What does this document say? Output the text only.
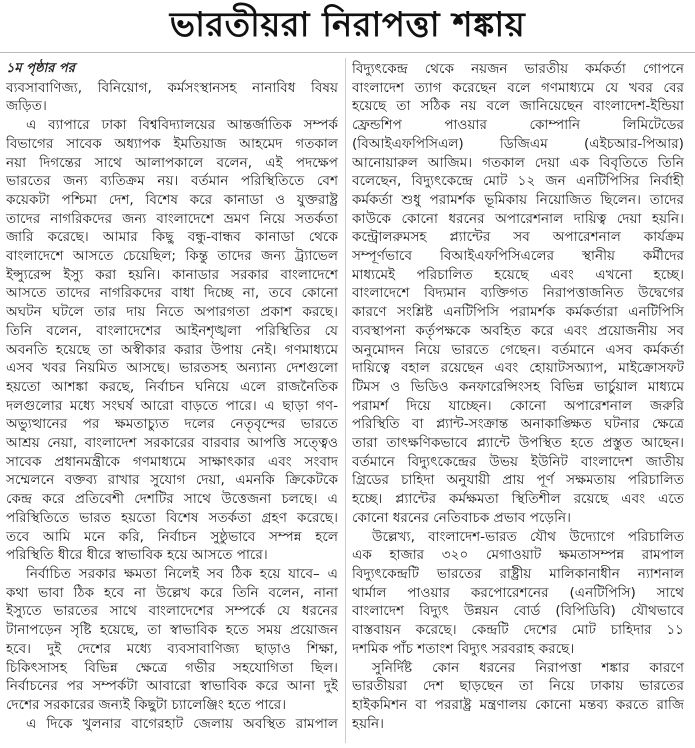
ভারতীয়রা নিরাপত্তা শঙ্কায়
১ম পৃষ্ঠার পর
ব্যবসাবাণিজ্য, বিনিয়োগ, কর্মসংস্থানসহ নানাবিধ বিষয়
জড়িত।
এ ব্যাপারে ঢাকা বিশ্ববিদ্যালয়ের আন্তর্জাতিক সম্পর্ক
বিভাগের সাবেক অধ্যাপক ইমতিয়াজ আহমেদ গতকাল
নয়া দিগন্তের সাথে আলাপকালে বলেন, এই পদক্ষেপ
ভারতের জন্য ব্যতিক্রম নয়। বর্তমান পরিস্থিতিতে বেশ
কয়েকটা পশ্চিমা দেশ, বিশেষ করে কানাডা ও যুক্তরাষ্ট্র
তাদের নাগরিকদের জন্য বাংলাদেশে ভ্রমণ নিয়ে সতর্কতা
জারি করেছে। আমার কিছু বন্ধু-বান্ধব কানাডা থেকে
বাংলাদেশে আসতে চেয়েছিল; কিন্তু তাদের জন্য ট্র্যাভেল
ইন্স্যুরেন্স ইস্যু করা হয়নি। কানাডার সরকার বাংলাদেশে
আসতে তাদের নাগরিকদের বাধা দিচ্ছে না, তবে কোনো
অঘটন ঘটলে তার দায় নিতে অপারগতা প্রকাশ করছে।
তিনি বলেন, বাংলাদেশের আইনশৃঙ্খলা পরিস্থিতির যে
অবনতি হয়েছে তা অস্বীকার করার উপায় নেই। গণমাধ্যমে
এসব খবর নিয়মিত আসছে। ভারতসহ অন্যান্য দেশগুলো
হয়তো আশঙ্কা করছে, নির্বাচন ঘনিয়ে এলে রাজনৈতিক
দলগুলোর মধ্যে সংঘর্ষ আরো বাড়তে পারে। এ ছাড়া গণ-
অভ্যুত্থানের পর ক্ষমতাচ্যুত দলের নেতৃবৃন্দের ভারতে
আশ্রয় নেয়া, বাংলাদেশ সরকারের বারবার আপত্তি সত্ত্বেও
সাবেক প্রধানমন্ত্রীকে গণমাধ্যমে সাক্ষাৎকার এবং সংবাদ
সম্মেলনে বক্তব্য রাখার সুযোগ দেয়া, এমনকি ক্রিকেটকে
কেন্দ্র করে প্রতিবেশী দেশটির সাথে উত্তেজনা চলছে। এ
পরিস্থিতিতে ভারত হয়তো বিশেষ সতর্কতা গ্রহণ করেছে।
তবে আমি মনে করি, নির্বাচন সুষ্ঠুভাবে সম্পন্ন হলে
পরিস্থিতি ধীরে ধীরে স্বাভাবিক হয়ে আসতে পারে।
নির্বাচিত সরকার ক্ষমতা নিলেই সব ঠিক হয়ে যাবে– এ
কথা ভাবা ঠিক হবে না উল্লেখ করে তিনি বলেন, নানা
ইস্যুতে ভারতের সাথে বাংলাদেশের সম্পর্কে যে ধরনের
টানাপড়েন সৃষ্টি হয়েছে, তা স্বাভাবিক হতে সময় প্রয়োজন
হবে। দুই দেশের মধ্যে ব্যবসাবাণিজ্য ছাড়াও শিক্ষা,
চিকিৎসাসহ বিভিন্ন ক্ষেত্রে গভীর সহযোগিতা ছিল।
নির্বাচনের পর সম্পর্কটা আবারো স্বাভাবিক করে আনা দুই
দেশের সরকারের জন্যই কিছুটা চ্যালেঞ্জিং হতে পারে।
এ দিকে খুলনার বাগেরহাট জেলায় অবস্থিত রামপাল
বিদ্যুৎকেন্দ্র থেকে নয়জন ভারতীয় কর্মকর্তা গোপনে
বাংলাদেশ ত্যাগ করেছেন বলে গণমাধ্যমে যে খবর বের
হয়েছে তা সঠিক নয় বলে জানিয়েছেন বাংলাদেশ-ইন্ডিয়া
ফ্রেন্ডশিপ পাওয়ার কোম্পানি লিমিটেডের
(বিআইএফপিসিএল) ডিজিএম (এইচআর-পিআর)
আনোয়ারুল আজিম। গতকাল দেয়া এক বিবৃতিতে তিনি
বলেছেন, বিদ্যুৎকেন্দ্রে মোট ১২ জন এনটিপিসির নির্বাহী
কর্মকর্তা শুধু পরামর্শক ভূমিকায় নিয়োজিত ছিলেন। তাদের
কাউকে কোনো ধরনের অপারেশনাল দায়িত্ব দেয়া হয়নি।
কন্ট্রোলরুমসহ প্ল্যান্টের সব অপারেশনাল কার্যক্রম
সম্পূর্ণভাবে বিআইএফপিসিএলের স্থানীয় কর্মীদের
মাধ্যমেই পরিচালিত হয়েছে এবং এখনো হচ্ছে।
বাংলাদেশে বিদ্যমান ব্যক্তিগত নিরাপত্তাজনিত উদ্বেগের
কারণে সংশ্লিষ্ট এনটিপিসি পরামর্শক কর্মকর্তারা এনটিপিসি
ব্যবস্থাপনা কর্তৃপক্ষকে অবহিত করে এবং প্রয়োজনীয় সব
অনুমোদন নিয়ে ভারতে গেছেন। বর্তমানে এসব কর্মকর্তা
দায়িত্বে বহাল রয়েছেন এবং হোয়াটসঅ্যাপ, মাইক্রোসফট
টিমস ও ভিডিও কনফারেন্সিংসহ বিভিন্ন ভার্চুয়াল মাধ্যমে
পরামর্শ দিয়ে যাচ্ছেন। কোনো অপারেশনাল জরুরি
পরিস্থিতি বা প্ল্যান্ট-সংক্রান্ত অনাকাঙ্ক্ষিত ঘটনার ক্ষেত্রে
তারা তাৎক্ষণিকভাবে প্ল্যান্টে উপস্থিত হতে প্রস্তুত আছেন।
বর্তমানে বিদ্যুৎকেন্দ্রের উভয় ইউনিট বাংলাদেশ জাতীয়
গ্রিডের চাহিদা অনুযায়ী প্রায় পূর্ণ সক্ষমতায় পরিচালিত
হচ্ছে। প্ল্যান্টের কর্মক্ষমতা স্থিতিশীল রয়েছে এবং এতে
কোনো ধরনের নেতিবাচক প্রভাব পড়েনি।
উল্লেখ্য, বাংলাদেশ-ভারত যৌথ উদ্যোগে পরিচালিত
এক হাজার ৩২০ মেগাওয়াট ক্ষমতাসম্পন্ন রামপাল
বিদ্যুৎকেন্দ্রটি ভারতের রাষ্ট্রীয় মালিকানাধীন ন্যাশনাল
থার্মাল পাওয়ার করপোরেশনের (এনটিপিসি) সাথে
বাংলাদেশ বিদ্যুৎ উন্নয়ন বোর্ড (বিপিডিবি) যৌথভাবে
বাস্তবায়ন করেছে। কেন্দ্রটি দেশের মোট চাহিদার ১১
দশমিক পাঁচ শতাংশ বিদ্যুৎ সরবরাহ করছে।
সুনির্দিষ্ট কোন ধরনের নিরাপত্তা শঙ্কার কারণে
ভারতীয়রা দেশ ছাড়ছেন তা নিয়ে ঢাকায় ভারতের
হাইকমিশন বা পররাষ্ট্র মন্ত্রণালয় কোনো মন্তব্য করতে রাজি
হয়নি।
